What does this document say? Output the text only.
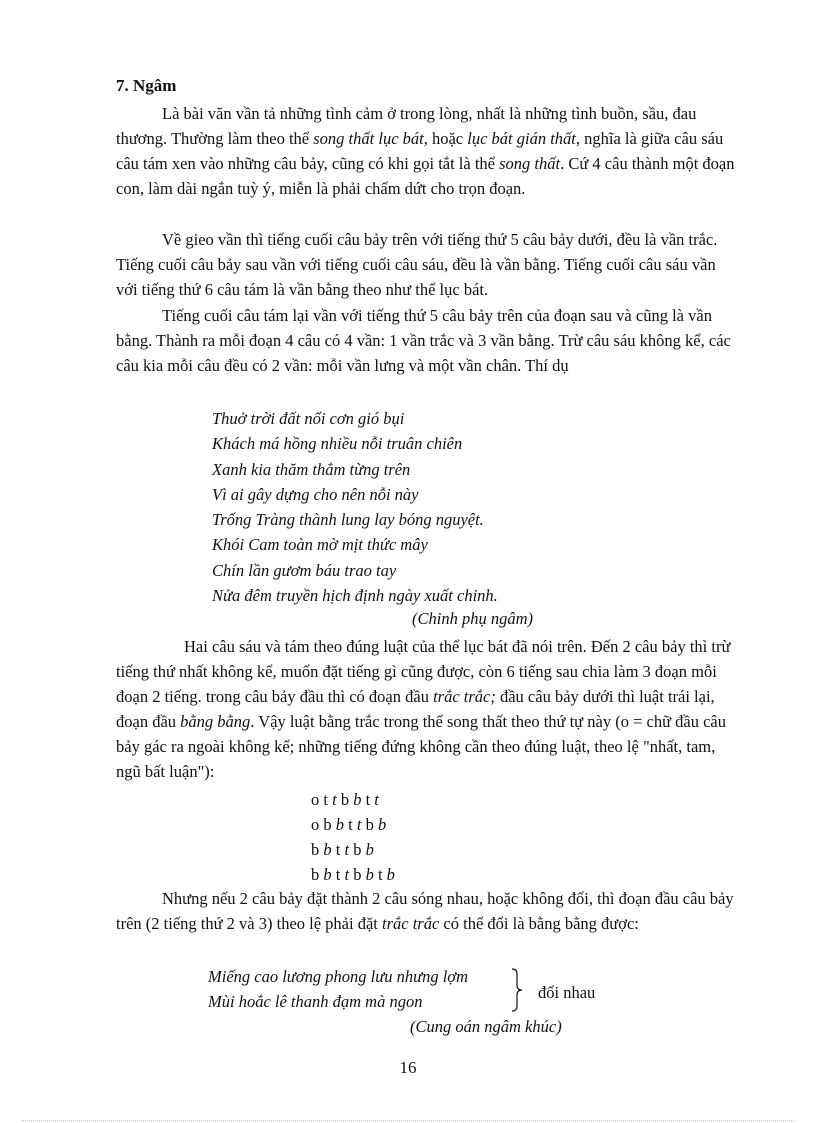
7. Ngâm

Là bài văn vần tả những tình cảm ở trong lòng, nhất là những tình buồn, sầu, đau thương. Thường làm theo thể song thất lục bát, hoặc lục bát gián thất, nghĩa là giữa câu sáu câu tám xen vào những câu bảy, cũng có khi gọi tắt là thể song thất. Cứ 4 câu thành một đoạn con, làm dài ngắn tuỳ ý, miễn là phải chấm dứt cho trọn đoạn.

Về gieo vần thì tiếng cuối câu bảy trên với tiếng thứ 5 câu bảy dưới, đều là vần trắc. Tiếng cuối câu bảy sau vần với tiếng cuối câu sáu, đều là vần bằng. Tiếng cuối câu sáu vần với tiếng thứ 6 câu tám là vần bằng theo như thể lục bát.

Tiếng cuối câu tám lại vần với tiếng thứ 5 câu bảy trên của đoạn sau và cũng là vần bằng. Thành ra mỗi đoạn 4 câu có 4 vần: 1 vần trắc và 3 vần bằng. Trừ câu sáu không kể, các câu kia mỗi câu đều có 2 vần: mỗi vần lưng và một vần chân. Thí dụ

Thuở trời đất nổi cơn gió bụi
Khách má hồng nhiều nỗi truân chiên
Xanh kia thăm thẳm từng trên
Vì ai gây dựng cho nên nỗi này
Trống Tràng thành lung lay bóng nguyệt.
Khói Cam toàn mờ mịt thức mây
Chín lần gươm báu trao tay
Nửa đêm truyền hịch định ngày xuất chinh.
(Chinh phụ ngâm)

Hai câu sáu và tám theo đúng luật của thể lục bát đã nói trên. Đến 2 câu bảy thì trừ tiếng thứ nhất không kể, muốn đặt tiếng gì cũng được, còn 6 tiếng sau chia làm 3 đoạn mỗi đoạn 2 tiếng. trong câu bảy đầu thì có đoạn đầu trắc trắc; đầu câu bảy dưới thì luật trái lại, đoạn đầu bằng bằng. Vậy luật bằng trắc trong thể song thất theo thứ tự này (o = chữ đầu câu bảy gác ra ngoài không kể; những tiếng đứng không cần theo đúng luật, theo lệ "nhất, tam, ngũ bất luận"):

o t t b b t t
o b b t t b b
b b t t b b
b b t t b b t b

Nhưng nếu 2 câu bảy đặt thành 2 câu sóng nhau, hoặc không đối, thì đoạn đầu câu bảy trên (2 tiếng thứ 2 và 3) theo lệ phải đặt trắc trắc có thể đổi là bằng bằng được:

Miếng cao lương phong lưu nhưng lợm
Mùi hoắc lê thanh đạm mà ngon	đối nhau
(Cung oán ngâm khúc)
16
